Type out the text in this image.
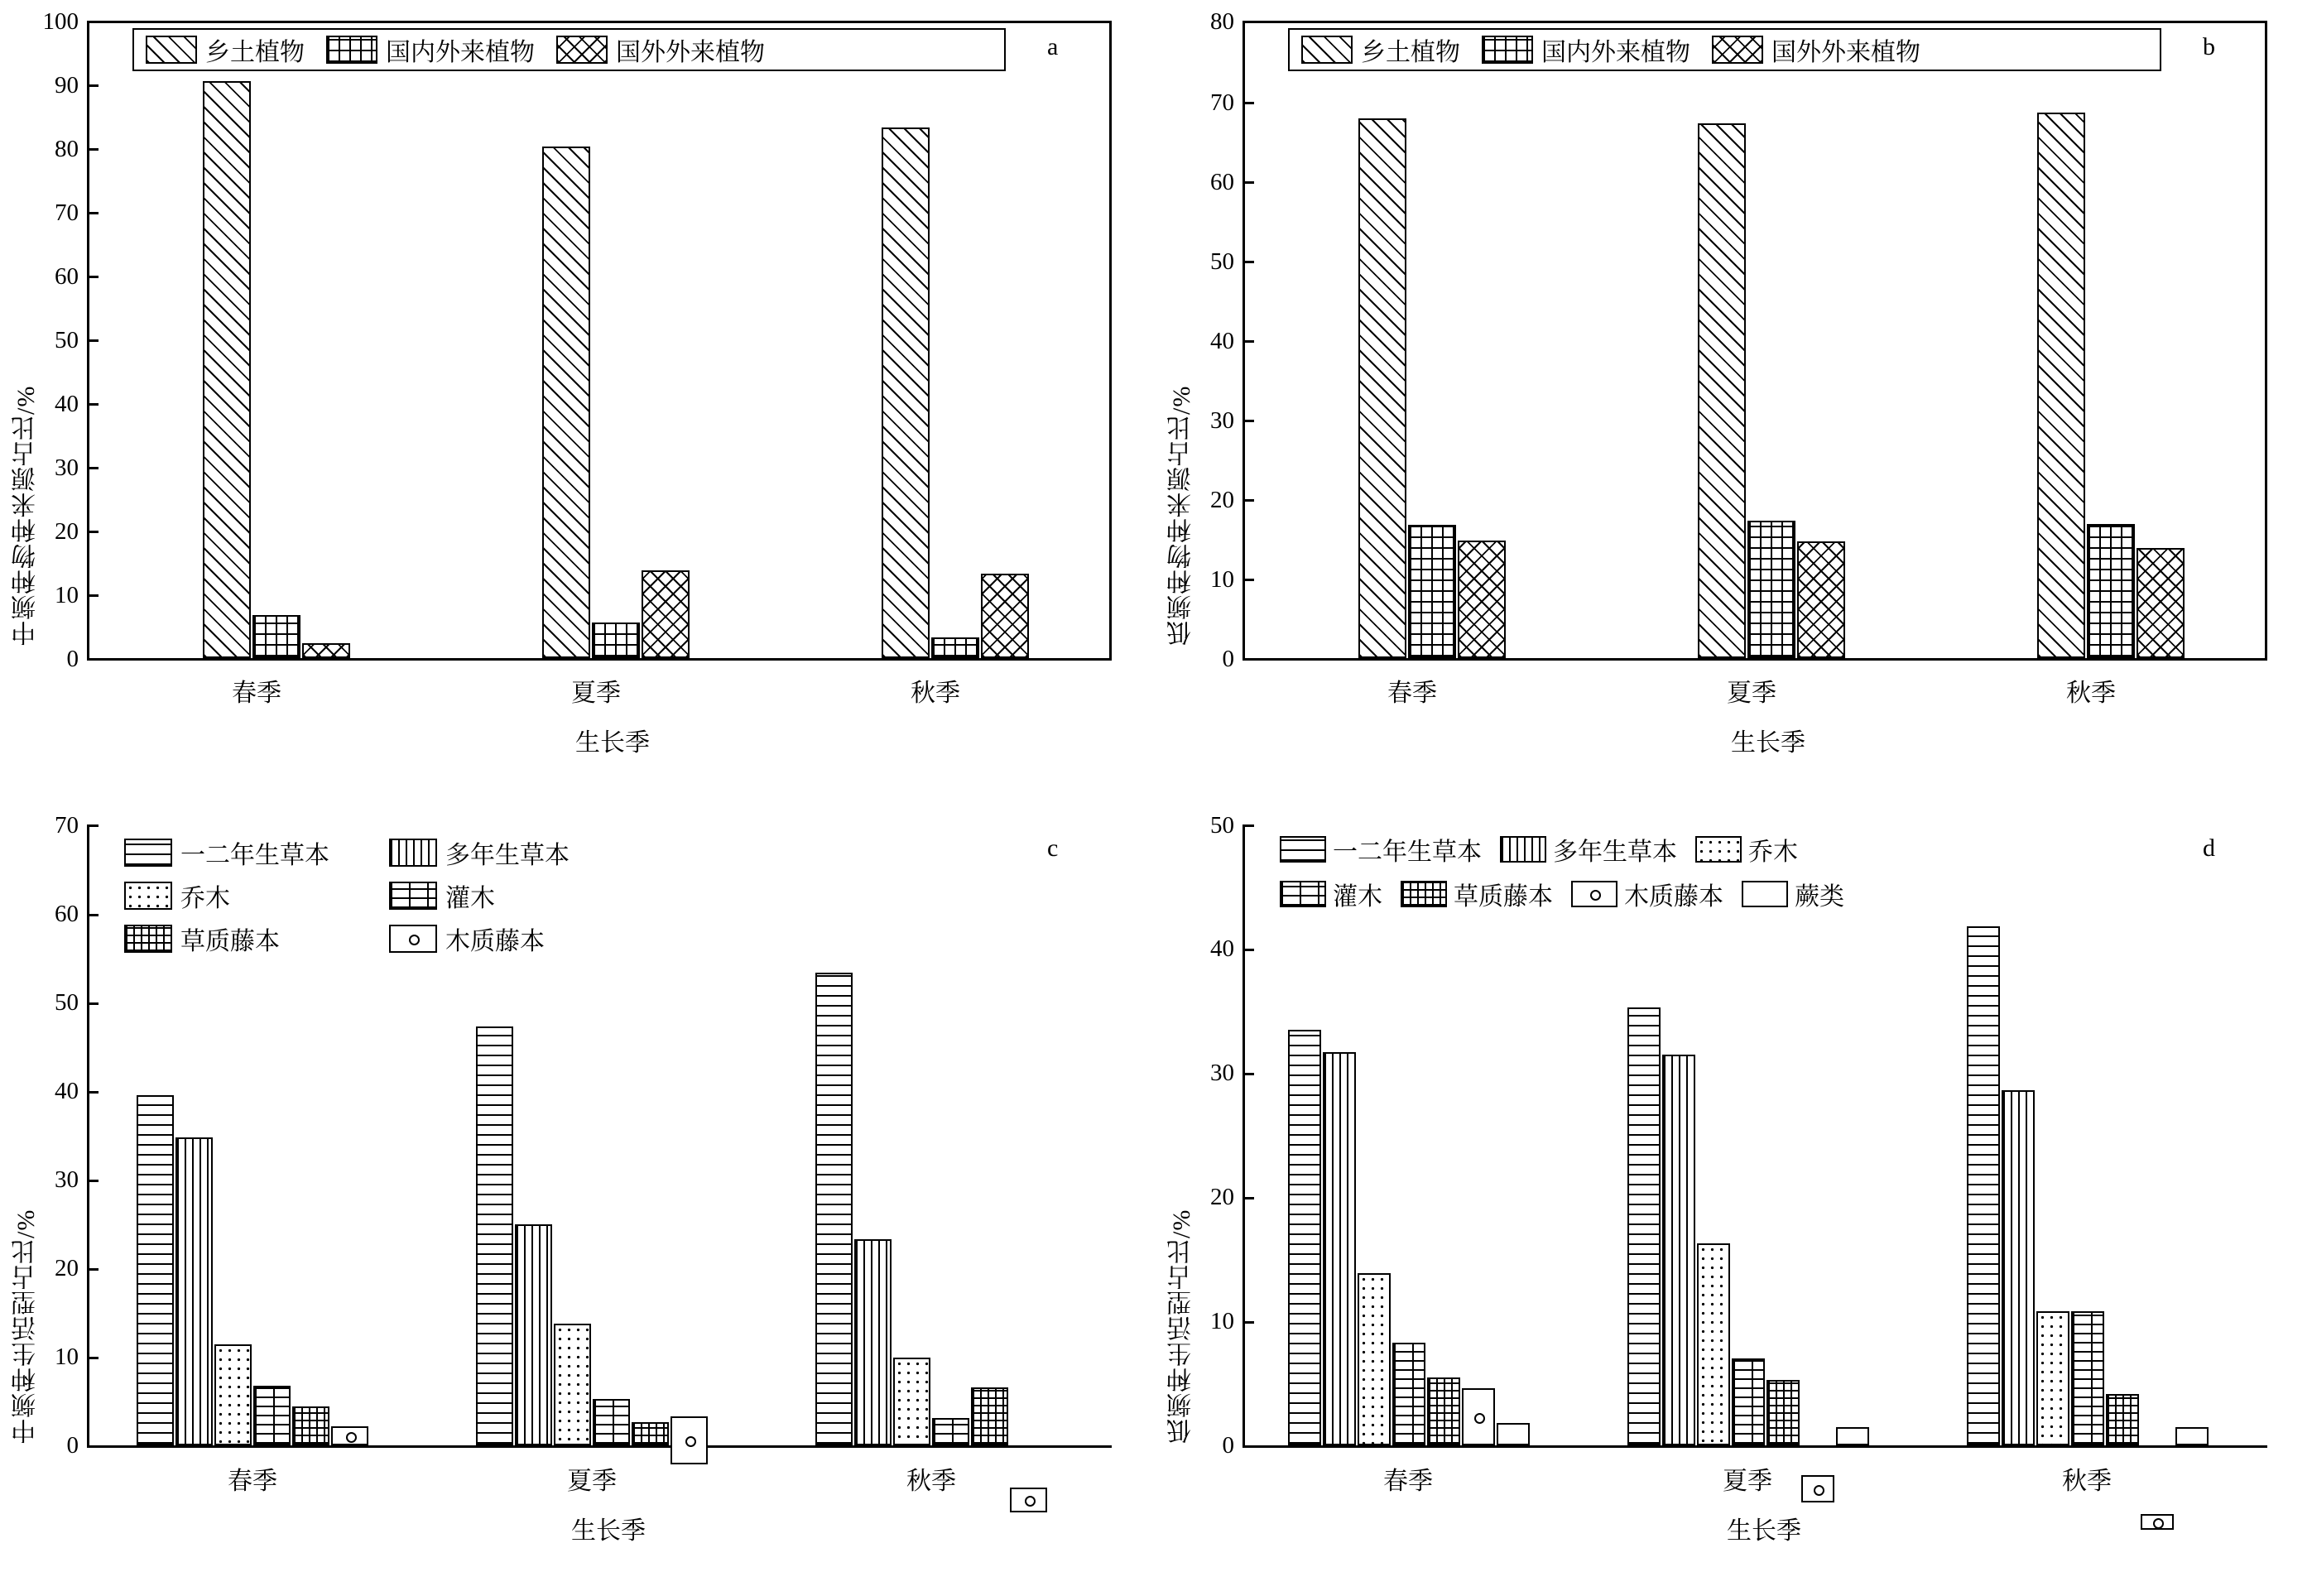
中频种物种来源占比/%
0
10
20
30
40
50
60
70
80
90
100
春季	夏季	秋季
生长季
a
乡土植物	国内外来植物	国外外来植物
低频种物种来源占比/%
0
10
20
30
40
50
60
70
80
春季	夏季	秋季
生长季
b
乡土植物	国内外来植物	国外外来植物
中频种生活型占比/%
0
10
20
30
40
50
60
70
春季	夏季	秋季
生长季
c
一二年生草本	多年生草本
乔木	灌木
草质藤本	木质藤本
低频种生活型占比/%
0
10
20
30
40
50
春季	夏季	秋季
生长季
d
一二年生草本	多年生草本	乔木
灌木	草质藤本	木质藤本	蕨类
